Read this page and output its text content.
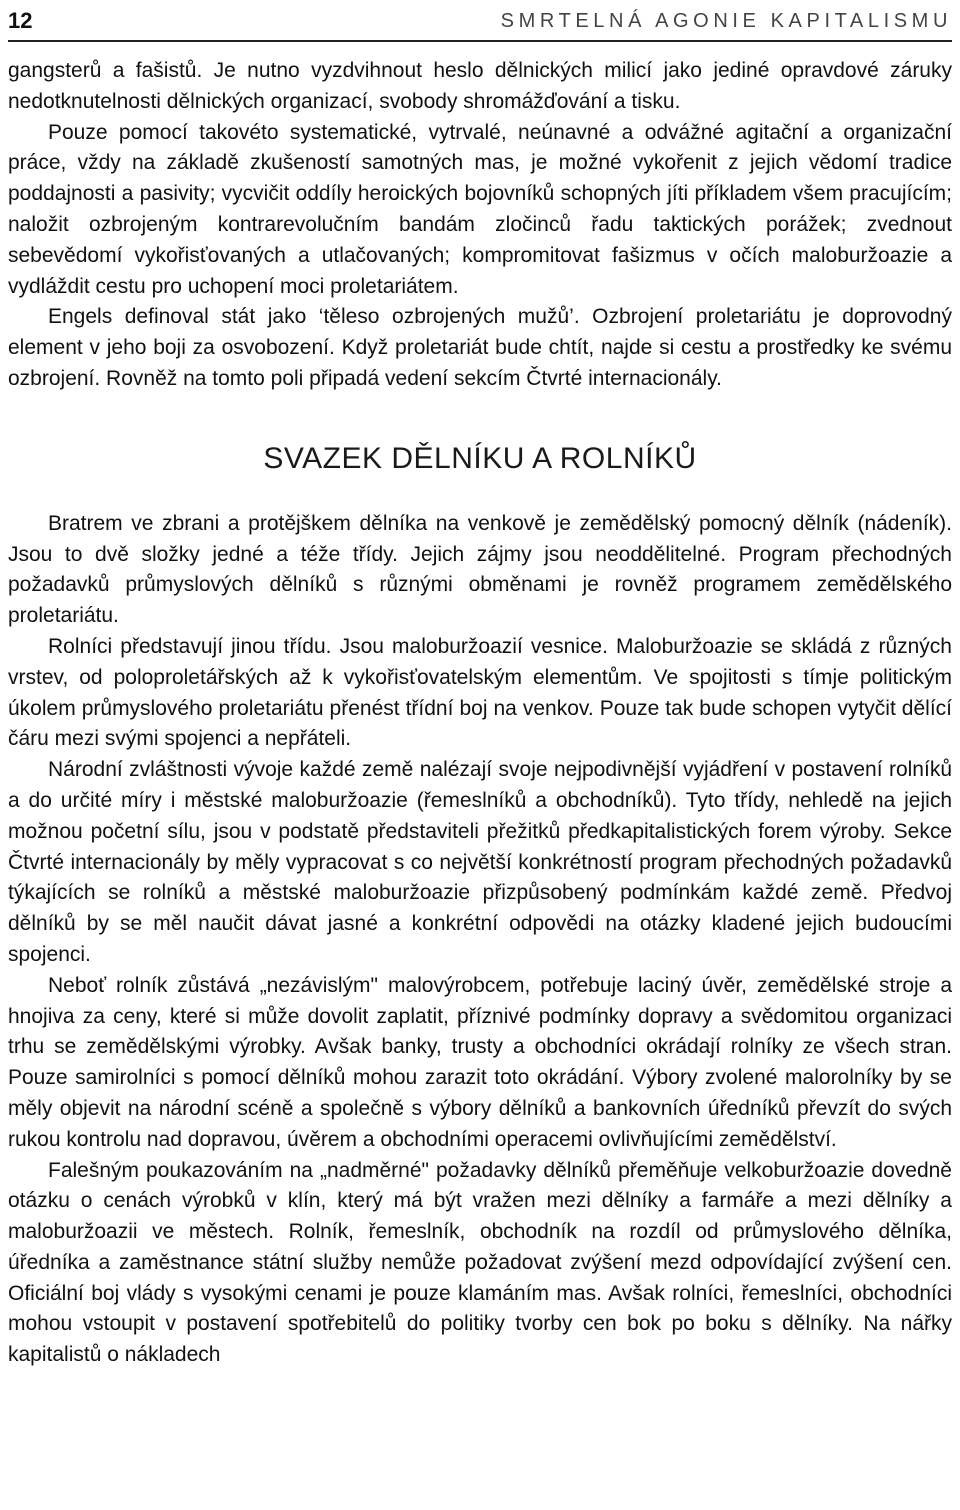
12	SMRTELNÁ AGONIE KAPITALISMU

gangsterů a fašistů. Je nutno vyzdvihnout heslo dělnických milicí jako jediné opravdové záruky nedotknutelnosti dělnických organizací, svobody shromážďování a tisku.

Pouze pomocí takovéto systematické, vytrvalé, neúnavné a odvážné agitační a organizační práce, vždy na základě zkušeností samotných mas, je možné vykořenit z jejich vědomí tradice poddajnosti a pasivity; vycvičit oddíly heroických bojovníků schopných jíti příkladem všem pracujícím; naložit ozbrojeným kontrarevolučním bandám zločinců řadu taktických porážek; zvednout sebevědomí vykořisťovaných a utlačovaných; kompromitovat fašizmus v očích maloburžoazie a vydláždit cestu pro uchopení moci proletariátem.

Engels definoval stát jako ‘těleso ozbrojených mužů’. Ozbrojení proletariátu je doprovodný element v jeho boji za osvobození. Když proletariát bude chtít, najde si cestu a prostředky ke svému ozbrojení. Rovněž na tomto poli připadá vedení sekcím Čtvrté internacionály.

SVAZEK DĚLNÍKU A ROLNÍKŮ

Bratrem ve zbrani a protějškem dělníka na venkově je zemědělský pomocný dělník (nádeník). Jsou to dvě složky jedné a téže třídy. Jejich zájmy jsou neoddělitelné. Program přechodných požadavků průmyslových dělníků s různými obměnami je rovněž programem zemědělského proletariátu.

Rolníci představují jinou třídu. Jsou maloburžoazií vesnice. Maloburžoazie se skládá z různých vrstev, od poloproletářských až k vykořisťovatelským elementům. Ve spojitosti s tímje politickým úkolem průmyslového proletariátu přenést třídní boj na venkov. Pouze tak bude schopen vytyčit dělící čáru mezi svými spojenci a nepřáteli.

Národní zvláštnosti vývoje každé země nalézají svoje nejpodivnější vyjádření v postavení rolníků a do určité míry i městské maloburžoazie (řemeslníků a obchodníků). Tyto třídy, nehledě na jejich možnou početní sílu, jsou v podstatě představiteli přežitků předkapitalistických forem výroby. Sekce Čtvrté internacionály by měly vypracovat s co největší konkrétností program přechodných požadavků týkajících se rolníků a městské maloburžoazie přizpůsobený podmínkám každé země. Předvoj dělníků by se měl naučit dávat jasné a konkrétní odpovědi na otázky kladené jejich budoucími spojenci.

Neboť rolník zůstává „nezávislým" malovýrobcem, potřebuje laciný úvěr, zemědělské stroje a hnojiva za ceny, které si může dovolit zaplatit, příznivé podmínky dopravy a svědomitou organizaci trhu se zemědělskými výrobky. Avšak banky, trusty a obchodníci okrádají rolníky ze všech stran. Pouze samirolníci s pomocí dělníků mohou zarazit toto okrádání. Výbory zvolené malorolníky by se měly objevit na národní scéně a společně s výbory dělníků a bankovních úředníků převzít do svých rukou kontrolu nad dopravou, úvěrem a obchodními operacemi ovlivňujícími zemědělství.

Falešným poukazováním na „nadměrné" požadavky dělníků přeměňuje velkoburžoazie dovedně otázku o cenách výrobků v klín, který má být vražen mezi dělníky a farmáře a mezi dělníky a maloburžoazii ve městech. Rolník, řemeslník, obchodník na rozdíl od průmyslového dělníka, úředníka a zaměstnance státní služby nemůže požadovat zvýšení mezd odpovídající zvýšení cen. Oficiální boj vlády s vysokými cenami je pouze klamáním mas. Avšak rolníci, řemeslníci, obchodníci mohou vstoupit v postavení spotřebitelů do politiky tvorby cen bok po boku s dělníky. Na nářky kapitalistů o nákladech
